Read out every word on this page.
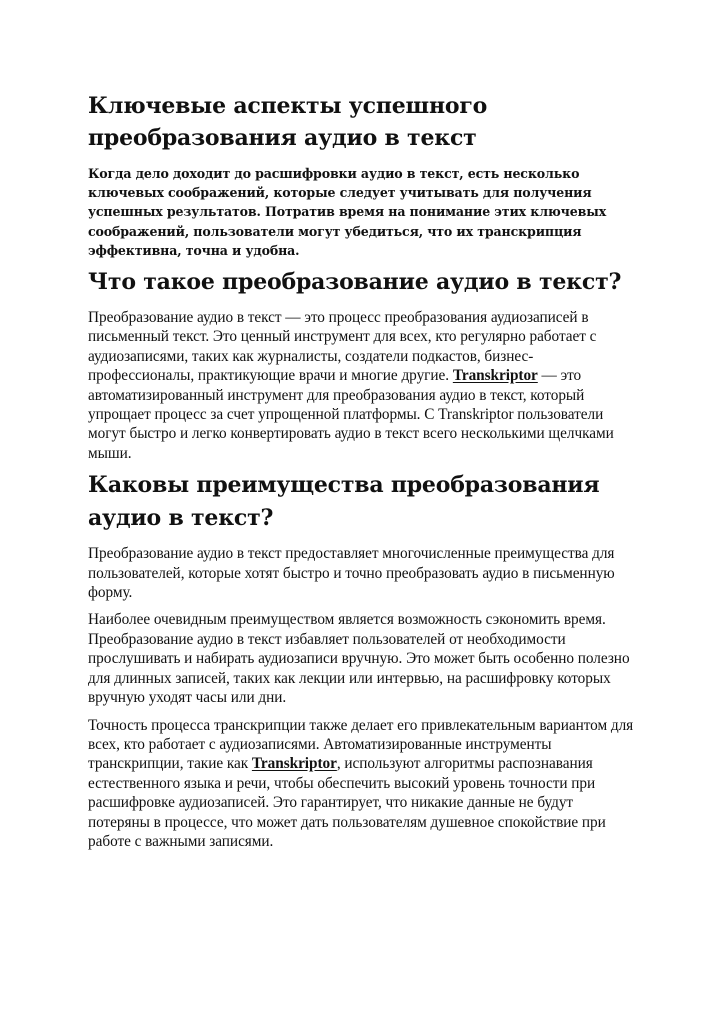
Ключевые аспекты успешного преобразования аудио в текст

Когда дело доходит до расшифровки аудио в текст, есть несколько ключевых соображений, которые следует учитывать для получения успешных результатов. Потратив время на понимание этих ключевых соображений, пользователи могут убедиться, что их транскрипция эффективна, точна и удобна.

Что такое преобразование аудио в текст?

Преобразование аудио в текст — это процесс преобразования аудиозаписей в письменный текст. Это ценный инструмент для всех, кто регулярно работает с аудиозаписями, таких как журналисты, создатели подкастов, бизнес-профессионалы, практикующие врачи и многие другие. Transkriptor — это автоматизированный инструмент для преобразования аудио в текст, который упрощает процесс за счет упрощенной платформы. С Transkriptor пользователи могут быстро и легко конвертировать аудио в текст всего несколькими щелчками мыши.

Каковы преимущества преобразования аудио в текст?

Преобразование аудио в текст предоставляет многочисленные преимущества для пользователей, которые хотят быстро и точно преобразовать аудио в письменную форму.

Наиболее очевидным преимуществом является возможность сэкономить время. Преобразование аудио в текст избавляет пользователей от необходимости прослушивать и набирать аудиозаписи вручную. Это может быть особенно полезно для длинных записей, таких как лекции или интервью, на расшифровку которых вручную уходят часы или дни.

Точность процесса транскрипции также делает его привлекательным вариантом для всех, кто работает с аудиозаписями. Автоматизированные инструменты транскрипции, такие как Transkriptor, используют алгоритмы распознавания естественного языка и речи, чтобы обеспечить высокий уровень точности при расшифровке аудиозаписей. Это гарантирует, что никакие данные не будут потеряны в процессе, что может дать пользователям душевное спокойствие при работе с важными записями.
